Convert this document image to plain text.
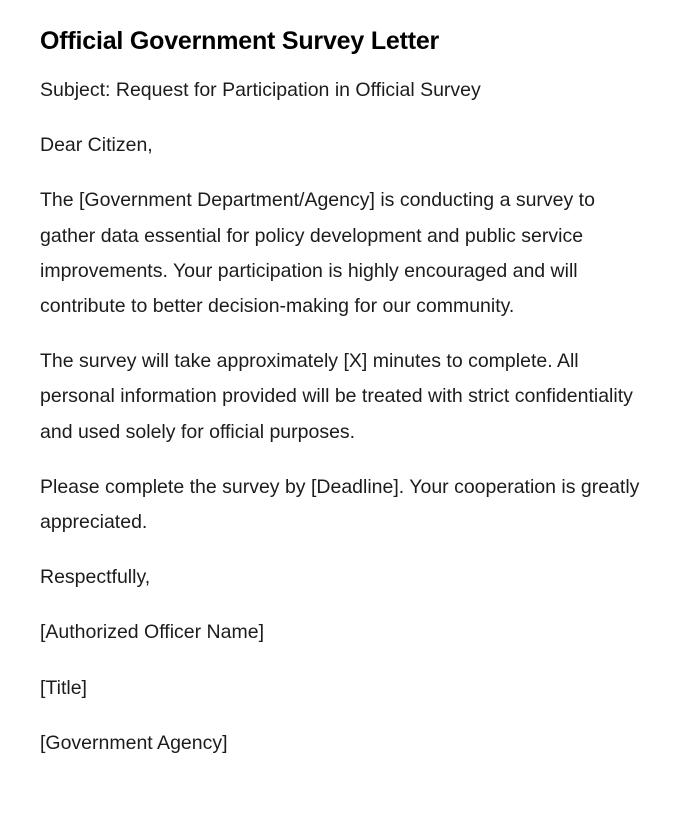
Official Government Survey Letter

Subject: Request for Participation in Official Survey

Dear Citizen,

The [Government Department/Agency] is conducting a survey to gather data essential for policy development and public service improvements. Your participation is highly encouraged and will contribute to better decision-making for our community.

The survey will take approximately [X] minutes to complete. All personal information provided will be treated with strict confidentiality and used solely for official purposes.

Please complete the survey by [Deadline]. Your cooperation is greatly appreciated.

Respectfully,

[Authorized Officer Name]

[Title]

[Government Agency]
